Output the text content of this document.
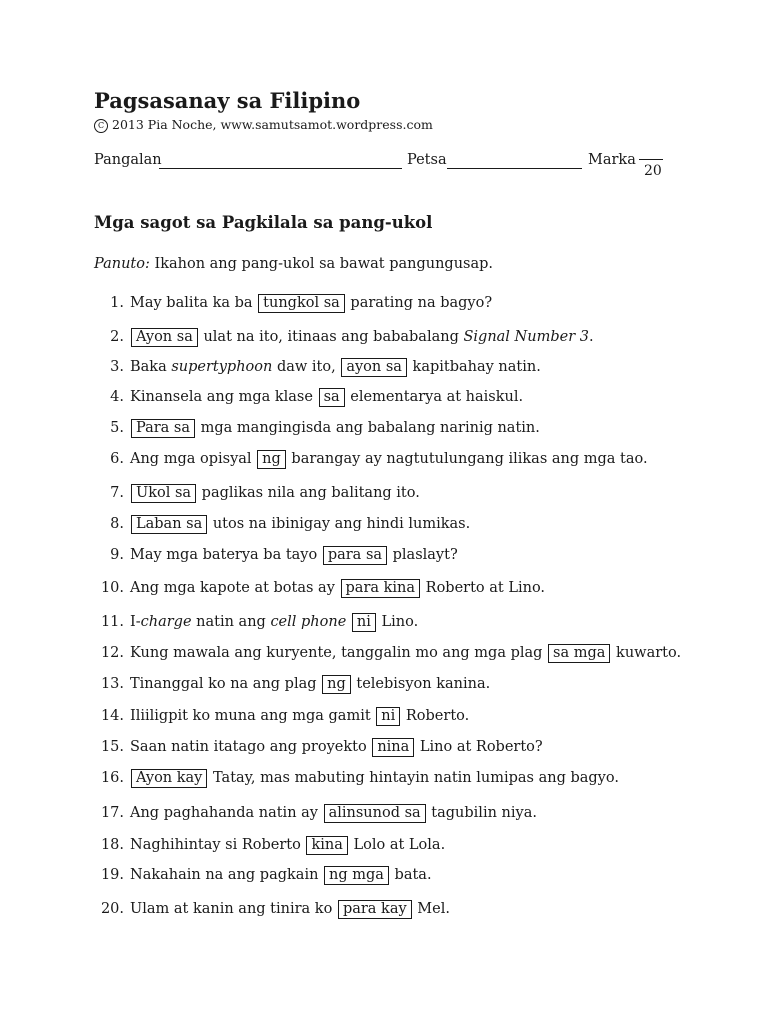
Pagsasanay sa Filipino
C 2013 Pia Noche, www.samutsamot.wordpress.com
Pangalan	Petsa	Marka
20
Mga sagot sa Pagkilala sa pang-ukol
Panuto: Ikahon ang pang-ukol sa bawat pangungusap.
1. May balita ka ba tungkol sa parating na bagyo?
2. Ayon sa ulat na ito, itinaas ang bababalang Signal Number 3.
3. Baka supertyphoon daw ito, ayon sa kapitbahay natin.
4. Kinansela ang mga klase sa elementarya at haiskul.
5. Para sa mga mangingisda ang babalang narinig natin.
6. Ang mga opisyal ng barangay ay nagtutulungang ilikas ang mga tao.
7. Ukol sa paglikas nila ang balitang ito.
8. Laban sa utos na ibinigay ang hindi lumikas.
9. May mga baterya ba tayo para sa plaslayt?
10. Ang mga kapote at botas ay para kina Roberto at Lino.
11. I-charge natin ang cell phone ni Lino.
12. Kung mawala ang kuryente, tanggalin mo ang mga plag sa mga kuwarto.
13. Tinanggal ko na ang plag ng telebisyon kanina.
14. Iliiligpit ko muna ang mga gamit ni Roberto.
15. Saan natin itatago ang proyekto nina Lino at Roberto?
16. Ayon kay Tatay, mas mabuting hintayin natin lumipas ang bagyo.
17. Ang paghahanda natin ay alinsunod sa tagubilin niya.
18. Naghihintay si Roberto kina Lolo at Lola.
19. Nakahain na ang pagkain ng mga bata.
20. Ulam at kanin ang tinira ko para kay Mel.
